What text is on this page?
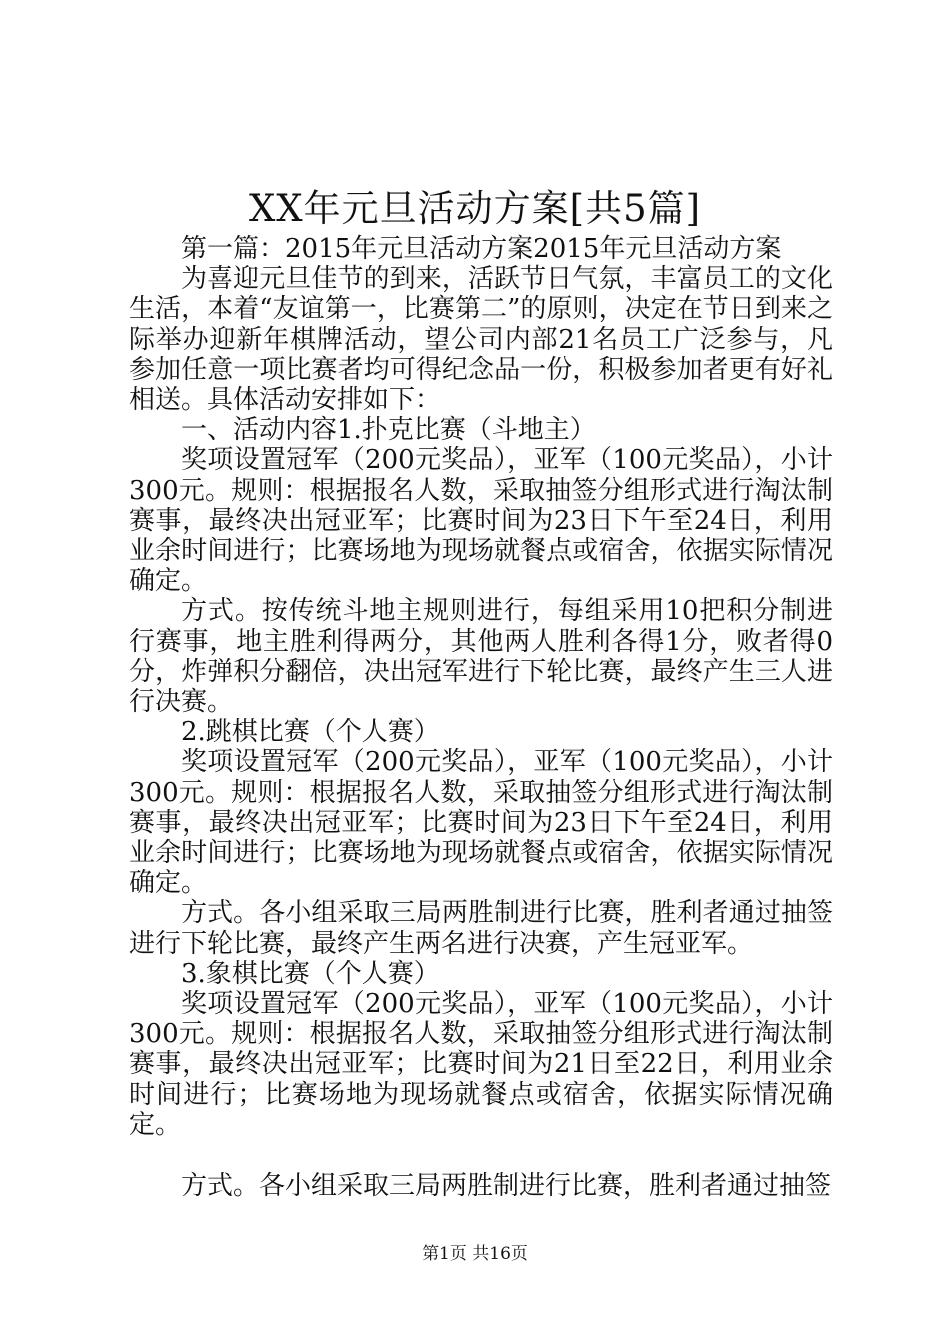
XX年元旦活动方案[共5篇]

第一篇：2015年元旦活动方案2015年元旦活动方案

为喜迎元旦佳节的到来，活跃节日气氛，丰富员工的文化生活，本着“友谊第一，比赛第二”的原则，决定在节日到来之际举办迎新年棋牌活动，望公司内部21名员工广泛参与，凡参加任意一项比赛者均可得纪念品一份，积极参加者更有好礼相送。具体活动安排如下：

一、活动内容1.扑克比赛（斗地主）

奖项设置冠军（200元奖品），亚军（100元奖品），小计300元。规则：根据报名人数，采取抽签分组形式进行淘汰制赛事，最终决出冠亚军；比赛时间为23日下午至24日，利用业余时间进行；比赛场地为现场就餐点或宿舍，依据实际情况确定。

方式。按传统斗地主规则进行，每组采用10把积分制进行赛事，地主胜利得两分，其他两人胜利各得1分，败者得0分，炸弹积分翻倍，决出冠军进行下轮比赛，最终产生三人进行决赛。

2.跳棋比赛（个人赛）

奖项设置冠军（200元奖品），亚军（100元奖品），小计300元。规则：根据报名人数，采取抽签分组形式进行淘汰制赛事，最终决出冠亚军；比赛时间为23日下午至24日，利用业余时间进行；比赛场地为现场就餐点或宿舍，依据实际情况确定。

方式。各小组采取三局两胜制进行比赛，胜利者通过抽签进行下轮比赛，最终产生两名进行决赛，产生冠亚军。

3.象棋比赛（个人赛）

奖项设置冠军（200元奖品），亚军（100元奖品），小计300元。规则：根据报名人数，采取抽签分组形式进行淘汰制赛事，最终决出冠亚军；比赛时间为21日至22日，利用业余时间进行；比赛场地为现场就餐点或宿舍，依据实际情况确定。

方式。各小组采取三局两胜制进行比赛，胜利者通过抽签

第1页 共16页
